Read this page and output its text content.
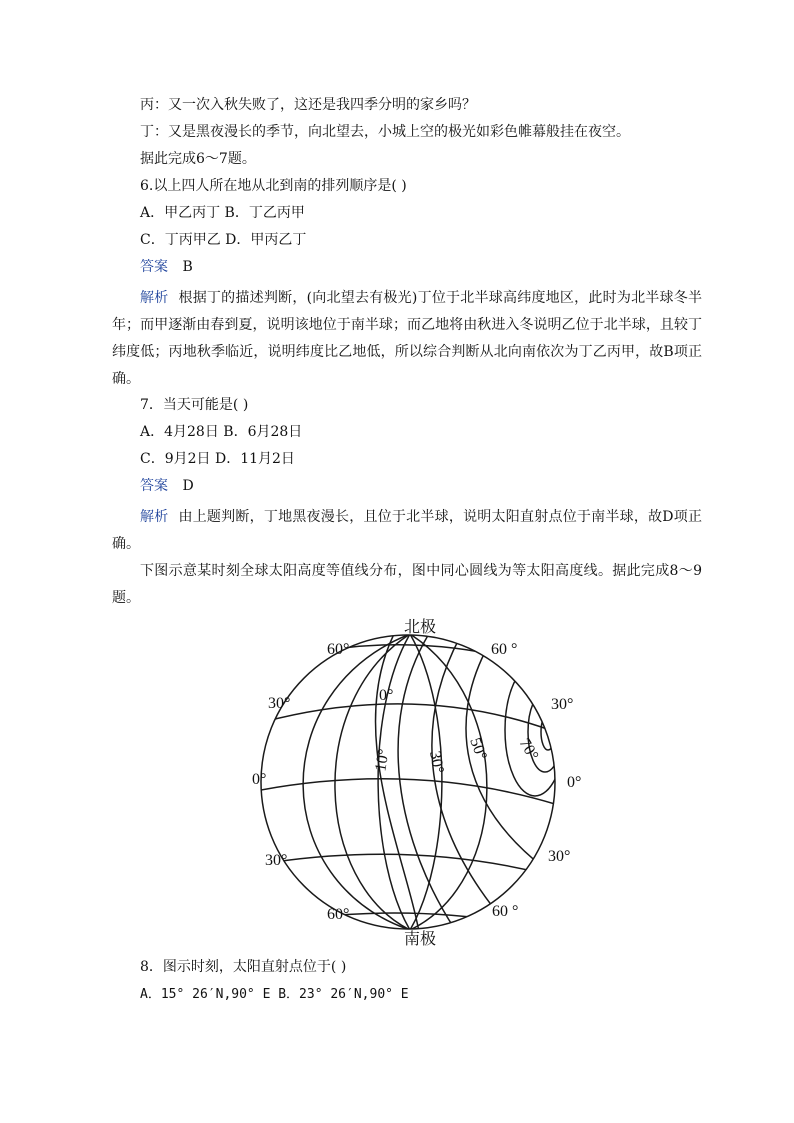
丙：又一次入秋失败了，这还是我四季分明的家乡吗？
丁：又是黑夜漫长的季节，向北望去，小城上空的极光如彩色帷幕般挂在夜空。
据此完成6～7题。
6.以上四人所在地从北到南的排列顺序是( )
A．甲乙丙丁 B．丁乙丙甲
C．丁丙甲乙 D．甲丙乙丁
答案 B
解析 根据丁的描述判断，(向北望去有极光)丁位于北半球高纬度地区，此时为北半球冬半年；而甲逐渐由春到夏，说明该地位于南半球；而乙地将由秋进入冬说明乙位于北半球，且较丁纬度低；丙地秋季临近，说明纬度比乙地低，所以综合判断从北向南依次为丁乙丙甲，故B项正确。
7．当天可能是( )
A．4月28日 B．6月28日
C．9月2日 D．11月2日
答案 D
解析 由上题判断，丁地黑夜漫长，且位于北半球，说明太阳直射点位于南半球，故D项正确。
下图示意某时刻全球太阳高度等值线分布，图中同心圆线为等太阳高度线。据此完成8～9题。
北极
南极
60°	60 °
30°	30°
0°	0°
30°	30°
60°	60 °
0°
10° 30° 50° 70°
8．图示时刻，太阳直射点位于( )
A．15° 26′N,90° E B．23° 26′N,90° E
